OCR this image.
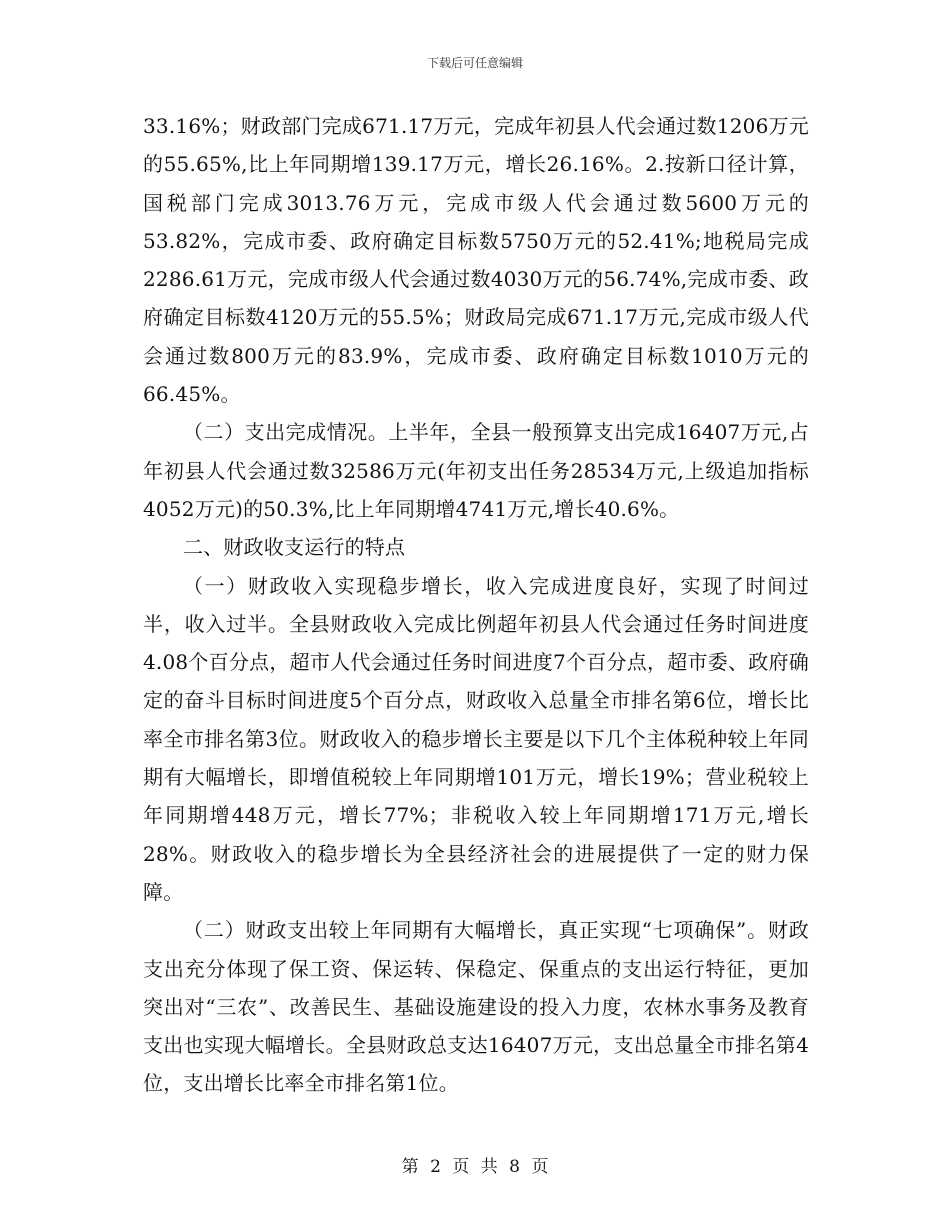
下载后可任意编辑

33.16%；财政部门完成671.17万元，完成年初县人代会通过数1206万元的55.65%,比上年同期增139.17万元，增长26.16%。2.按新口径计算，国税部门完成3013.76万元，完成市级人代会通过数5600万元的53.82%，完成市委、政府确定目标数5750万元的52.41%;地税局完成2286.61万元，完成市级人代会通过数4030万元的56.74%,完成市委、政府确定目标数4120万元的55.5%；财政局完成671.17万元,完成市级人代会通过数800万元的83.9%，完成市委、政府确定目标数1010万元的66.45%。

（二）支出完成情况。上半年，全县一般预算支出完成16407万元,占年初县人代会通过数32586万元(年初支出任务28534万元,上级追加指标4052万元)的50.3%,比上年同期增4741万元,增长40.6%。

二、财政收支运行的特点

（一）财政收入实现稳步增长，收入完成进度良好，实现了时间过半，收入过半。全县财政收入完成比例超年初县人代会通过任务时间进度4.08个百分点，超市人代会通过任务时间进度7个百分点，超市委、政府确定的奋斗目标时间进度5个百分点，财政收入总量全市排名第6位，增长比率全市排名第3位。财政收入的稳步增长主要是以下几个主体税种较上年同期有大幅增长，即增值税较上年同期增101万元，增长19%；营业税较上年同期增448万元，增长77%；非税收入较上年同期增171万元,增长28%。财政收入的稳步增长为全县经济社会的进展提供了一定的财力保障。

（二）财政支出较上年同期有大幅增长，真正实现“七项确保”。财政支出充分体现了保工资、保运转、保稳定、保重点的支出运行特征，更加突出对“三农”、改善民生、基础设施建设的投入力度，农林水事务及教育支出也实现大幅增长。全县财政总支达16407万元，支出总量全市排名第4位，支出增长比率全市排名第1位。

第 2 页 共 8 页
